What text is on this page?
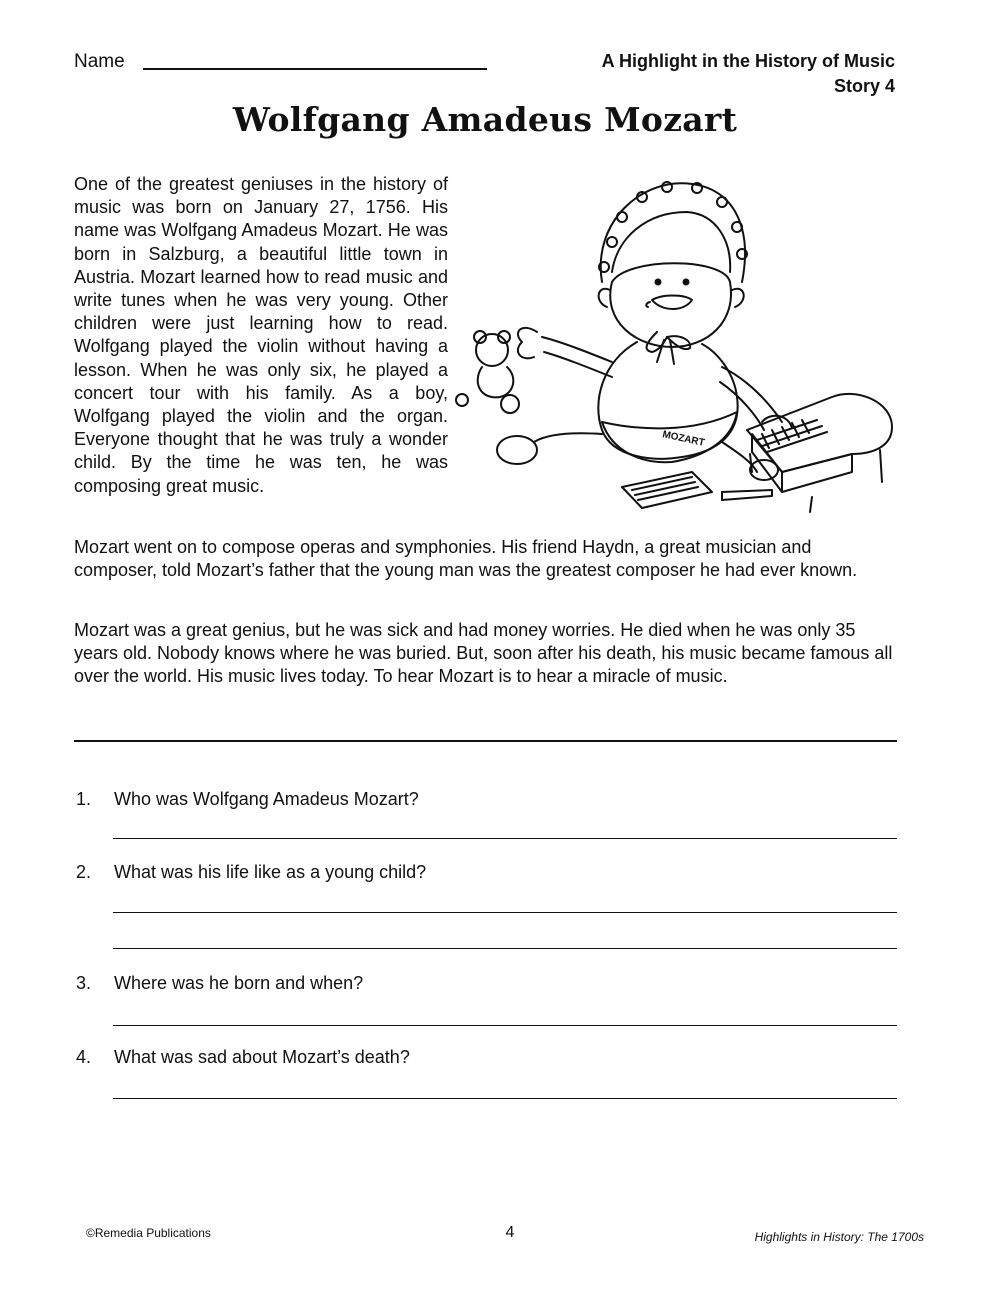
Name	A Highlight in the History of Music
Story 4
Wolfgang Amadeus Mozart
One of the greatest geniuses in the history of music was born on January 27, 1756. His name was Wolfgang Amadeus Mozart. He was born in Salzburg, a beautiful little town in Austria. Mozart learned how to read music and write tunes when he was very young. Other children were just learning how to read. Wolfgang played the violin without having a lesson. When he was only six, he played a concert tour with his family. As a boy, Wolfgang played the violin and the organ. Everyone thought that he was truly a wonder child. By the time he was ten, he was composing great music.
MOZART
Mozart went on to compose operas and symphonies. His friend Haydn, a great musician and composer, told Mozart’s father that the young man was the greatest composer he had ever known.
Mozart was a great genius, but he was sick and had money worries. He died when he was only 35 years old. Nobody knows where he was buried. But, soon after his death, his music became famous all over the world. His music lives today. To hear Mozart is to hear a miracle of music.
1. Who was Wolfgang Amadeus Mozart?
2. What was his life like as a young child?
3. Where was he born and when?
4. What was sad about Mozart’s death?
©Remedia Publications	4	Highlights in History: The 1700s
